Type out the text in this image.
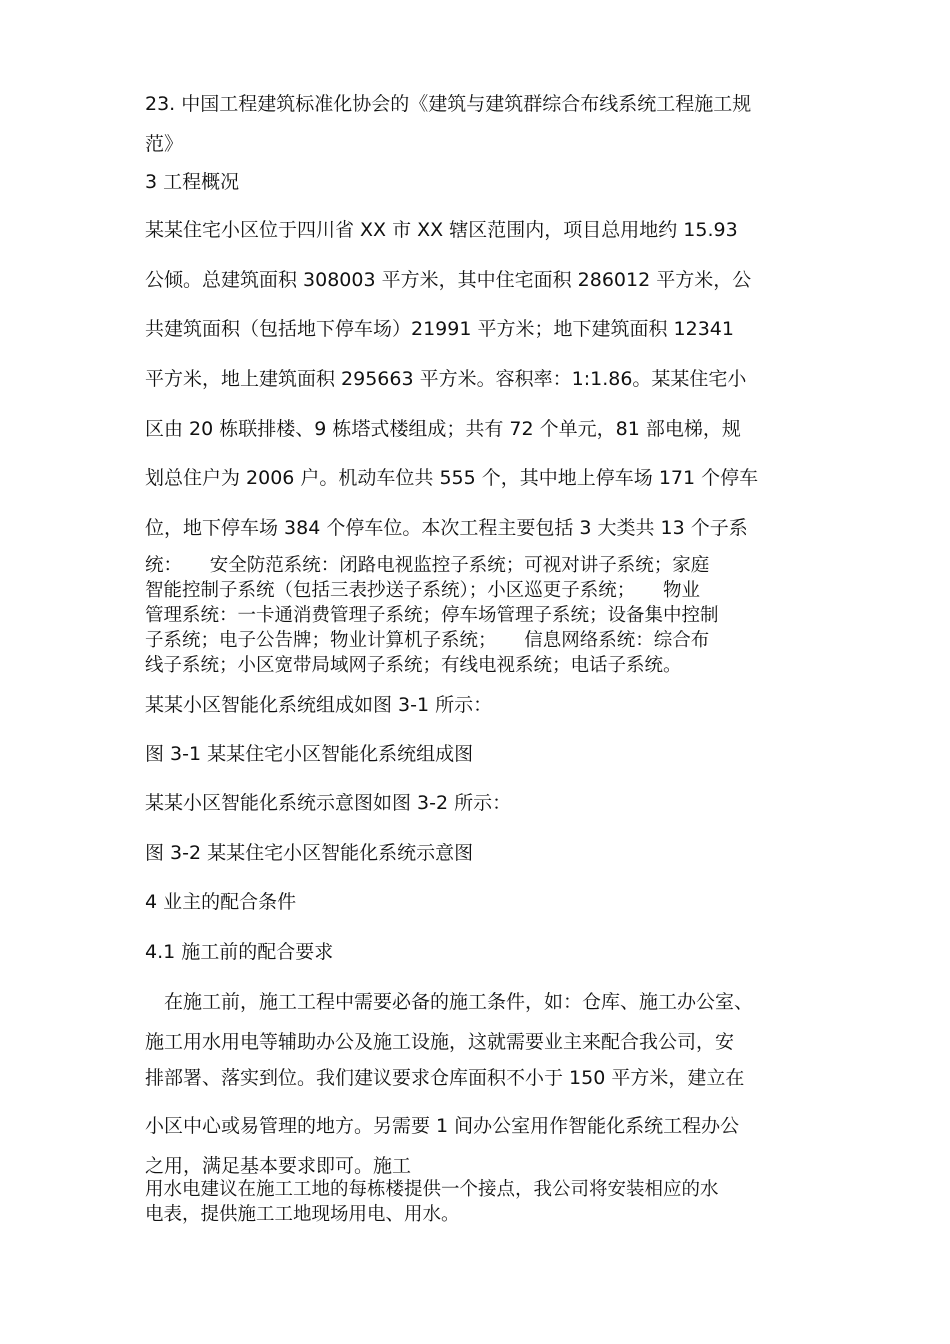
23. 中国工程建筑标准化协会的《建筑与建筑群综合布线系统工程施工规
范》
3 工程概况
某某住宅小区位于四川省 XX 市 XX 辖区范围内，项目总用地约 15.93
公倾。总建筑面积 308003 平方米，其中住宅面积 286012 平方米，公
共建筑面积（包括地下停车场）21991 平方米；地下建筑面积 12341
平方米，地上建筑面积 295663 平方米。容积率：1:1.86。某某住宅小
区由 20 栋联排楼、9 栋塔式楼组成；共有 72 个单元，81 部电梯，规
划总住户为 2006 户。机动车位共 555 个，其中地上停车场 171 个停车
位，地下停车场 384 个停车位。本次工程主要包括 3 大类共 13 个子系
统：　　安全防范系统：闭路电视监控子系统；可视对讲子系统；家庭
智能控制子系统（包括三表抄送子系统）；小区巡更子系统；　　物业
管理系统：一卡通消费管理子系统；停车场管理子系统；设备集中控制
子系统；电子公告牌；物业计算机子系统；　　信息网络系统：综合布
线子系统；小区宽带局域网子系统；有线电视系统；电话子系统。
某某小区智能化系统组成如图 3-1 所示：
图 3-1 某某住宅小区智能化系统组成图
某某小区智能化系统示意图如图 3-2 所示：
图 3-2 某某住宅小区智能化系统示意图
4 业主的配合条件
4.1 施工前的配合要求
　在施工前，施工工程中需要必备的施工条件，如：仓库、施工办公室、
施工用水用电等辅助办公及施工设施，这就需要业主来配合我公司，安
排部署、落实到位。我们建议要求仓库面积不小于 150 平方米，建立在
小区中心或易管理的地方。另需要 1 间办公室用作智能化系统工程办公
之用，满足基本要求即可。施工
用水电建议在施工工地的每栋楼提供一个接点，我公司将安装相应的水
电表，提供施工工地现场用电、用水。
